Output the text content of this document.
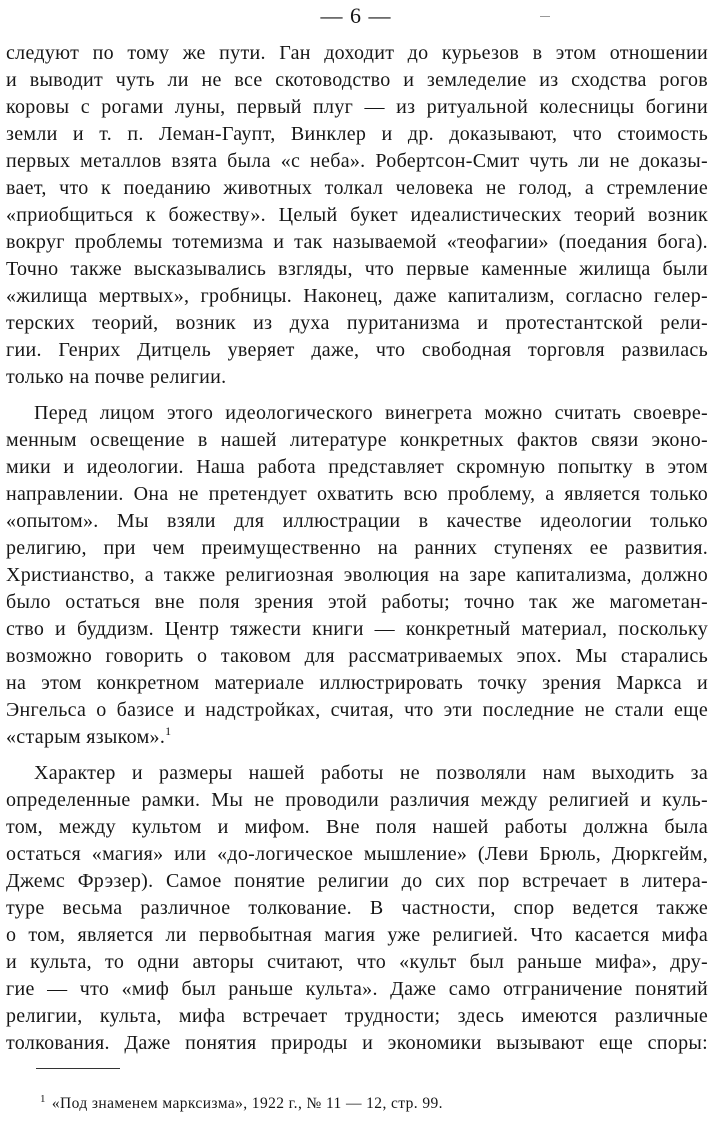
— 6 —
следуют по тому же пути. Ган доходит до курьезов в этом отношении
и выводит чуть ли не все скотоводство и земледелие из сходства рогов
коровы с рогами луны, первый плуг — из ритуальной колесницы богини
земли и т. п. Леман-Гаупт, Винклер и др. доказывают, что стоимость
первых металлов взята была «с неба». Робертсон-Смит чуть ли не доказы-
вает, что к поеданию животных толкал человека не голод, а стремление
«приобщиться к божеству». Целый букет идеалистических теорий возник
вокруг проблемы тотемизма и так называемой «теофагии» (поедания бога).
Точно также высказывались взгляды, что первые каменные жилища были
«жилища мертвых», гробницы. Наконец, даже капитализм, согласно гелер-
терских теорий, возник из духа пуританизма и протестантской рели-
гии. Генрих Дитцель уверяет даже, что свободная торговля развилась
только на почве религии.
Перед лицом этого идеологического винегрета можно считать своевре-
менным освещение в нашей литературе конкретных фактов связи эконо-
мики и идеологии. Наша работа представляет скромную попытку в этом
направлении. Она не претендует охватить всю проблему, а является только
«опытом». Мы взяли для иллюстрации в качестве идеологии только
религию, при чем преимущественно на ранних ступенях ее развития.
Христианство, а также религиозная эволюция на заре капитализма, должно
было остаться вне поля зрения этой работы; точно так же магометан-
ство и буддизм. Центр тяжести книги — конкретный материал, поскольку
возможно говорить о таковом для рассматриваемых эпох. Мы старались
на этом конкретном материале иллюстрировать точку зрения Маркса и
Энгельса о базисе и надстройках, считая, что эти последние не стали еще
«старым языком».$^1$
Характер и размеры нашей работы не позволяли нам выходить за
определенные рамки. Мы не проводили различия между религией и куль-
том, между культом и мифом. Вне поля нашей работы должна была
остаться «магия» или «до-логическое мышление» (Леви Брюль, Дюркгейм,
Джемс Фрэзер). Самое понятие религии до сих пор встречает в литера-
туре весьма различное толкование. В частности, спор ведется также
о том, является ли первобытная магия уже религией. Что касается мифа
и культа, то одни авторы считают, что «культ был раньше мифа», дру-
гие — что «миф был раньше культа». Даже само отграничение понятий
религии, культа, мифа встречает трудности; здесь имеются различные
толкования. Даже понятия природы и экономики вызывают еще споры:
$^1$ «Под знаменем марксизма», 1922 г., № 11 — 12, стр. 99.
